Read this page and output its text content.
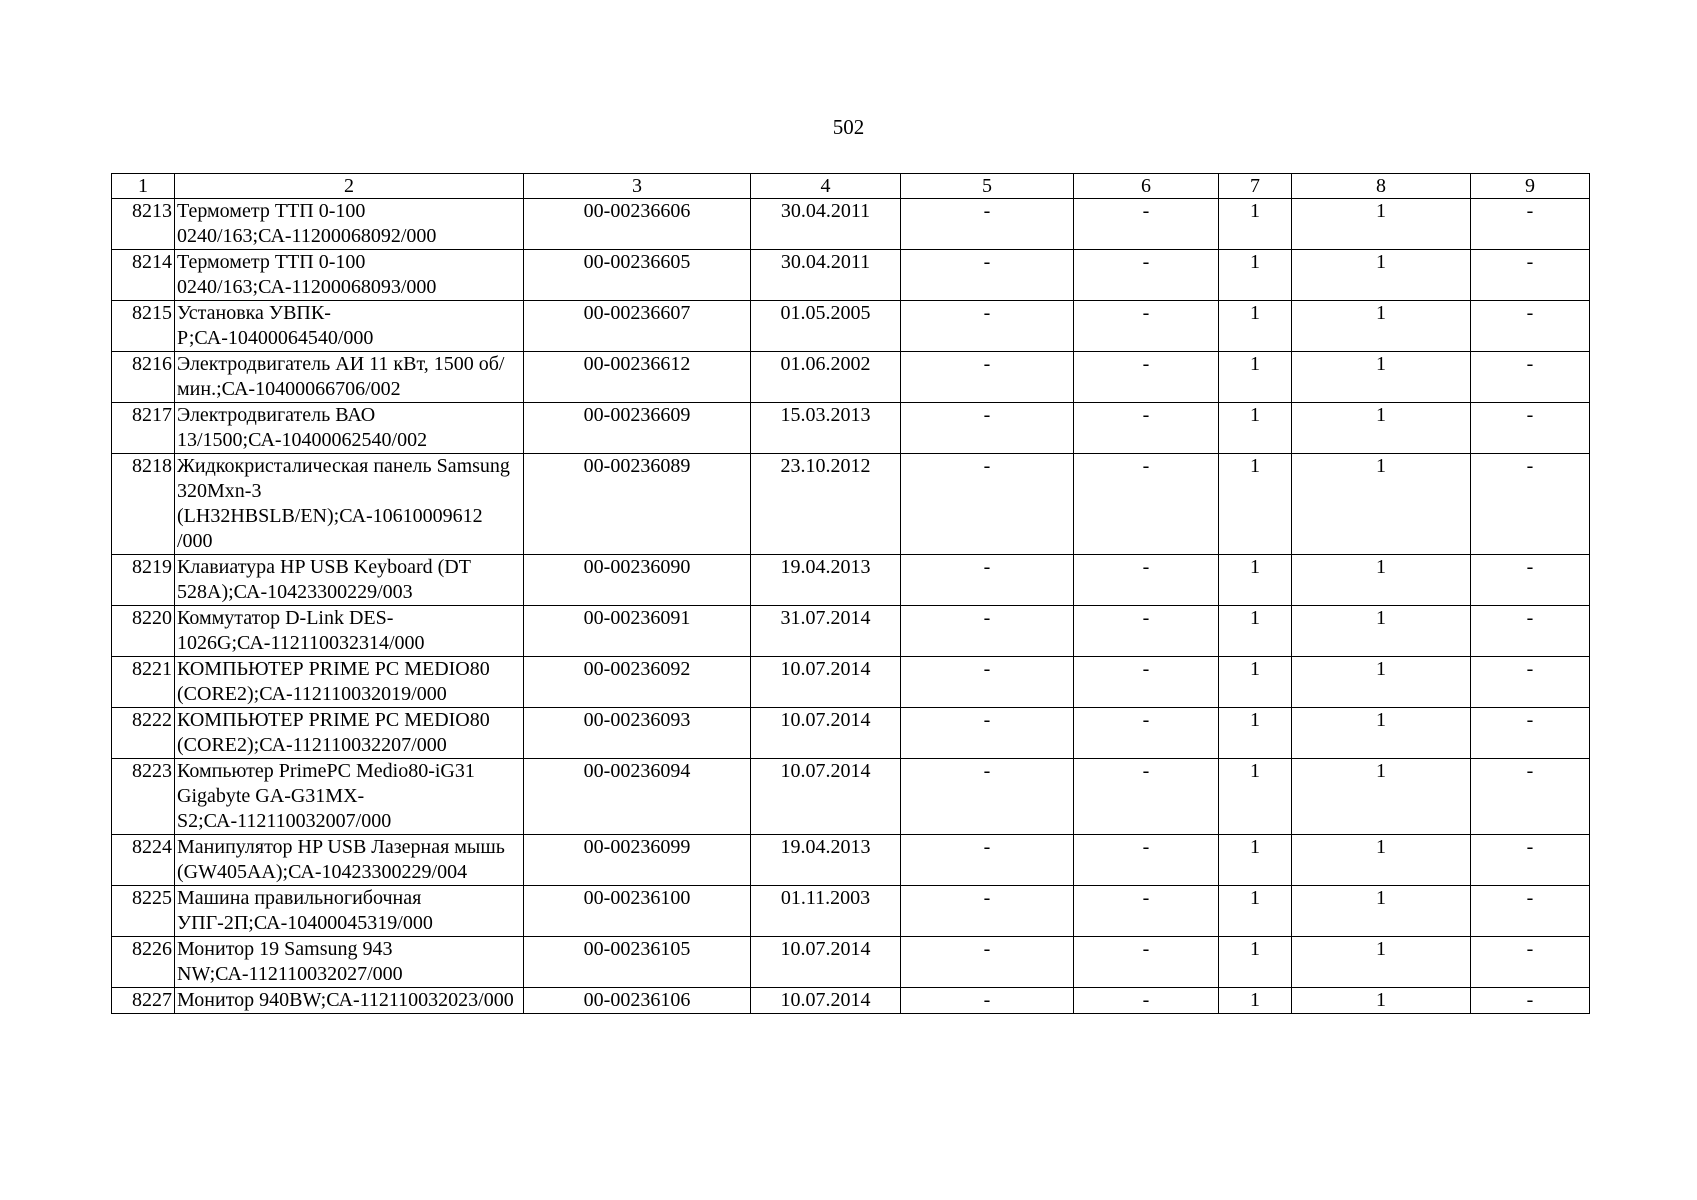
502
1	2	3	4	5	6	7	8	9
8213	Термометр ТТП 0-100 0240/163;СА-11200068092/000	00-00236606	30.04.2011	-	-	1	1	-
8214	Термометр ТТП 0-100 0240/163;СА-11200068093/000	00-00236605	30.04.2011	-	-	1	1	-
8215	Установка УВПК-Р;СА-10400064540/000	00-00236607	01.05.2005	-	-	1	1	-
8216	Электродвигатель АИ 11 кВт, 1500 об/мин.;СА-10400066706/002	00-00236612	01.06.2002	-	-	1	1	-
8217	Электродвигатель ВАО 13/1500;СА-10400062540/002	00-00236609	15.03.2013	-	-	1	1	-
8218	Жидкокристалическая панель Samsung 320Mxn-3 (LH32HBSLB/EN);СА-10610009612 /000	00-00236089	23.10.2012	-	-	1	1	-
8219	Клавиатура HP USB Keyboard (DT 528A);СА-10423300229/003	00-00236090	19.04.2013	-	-	1	1	-
8220	Коммутатор D-Link DES-1026G;СА-112110032314/000	00-00236091	31.07.2014	-	-	1	1	-
8221	КОМПЬЮТЕР PRIME PC MEDIO80 (CORE2);СА-112110032019/000	00-00236092	10.07.2014	-	-	1	1	-
8222	КОМПЬЮТЕР PRIME PC MEDIO80 (CORE2);СА-112110032207/000	00-00236093	10.07.2014	-	-	1	1	-
8223	Компьютер PrimePC Medio80-iG31 Gigabyte GA-G31MX-S2;СА-112110032007/000	00-00236094	10.07.2014	-	-	1	1	-
8224	Манипулятор HP USB Лазерная мышь (GW405AA);СА-10423300229/004	00-00236099	19.04.2013	-	-	1	1	-
8225	Машина правильногибочная УПГ-2П;СА-10400045319/000	00-00236100	01.11.2003	-	-	1	1	-
8226	Монитор 19 Samsung 943 NW;СА-112110032027/000	00-00236105	10.07.2014	-	-	1	1	-
8227	Монитор 940BW;СА-112110032023/000	00-00236106	10.07.2014	-	-	1	1	-
